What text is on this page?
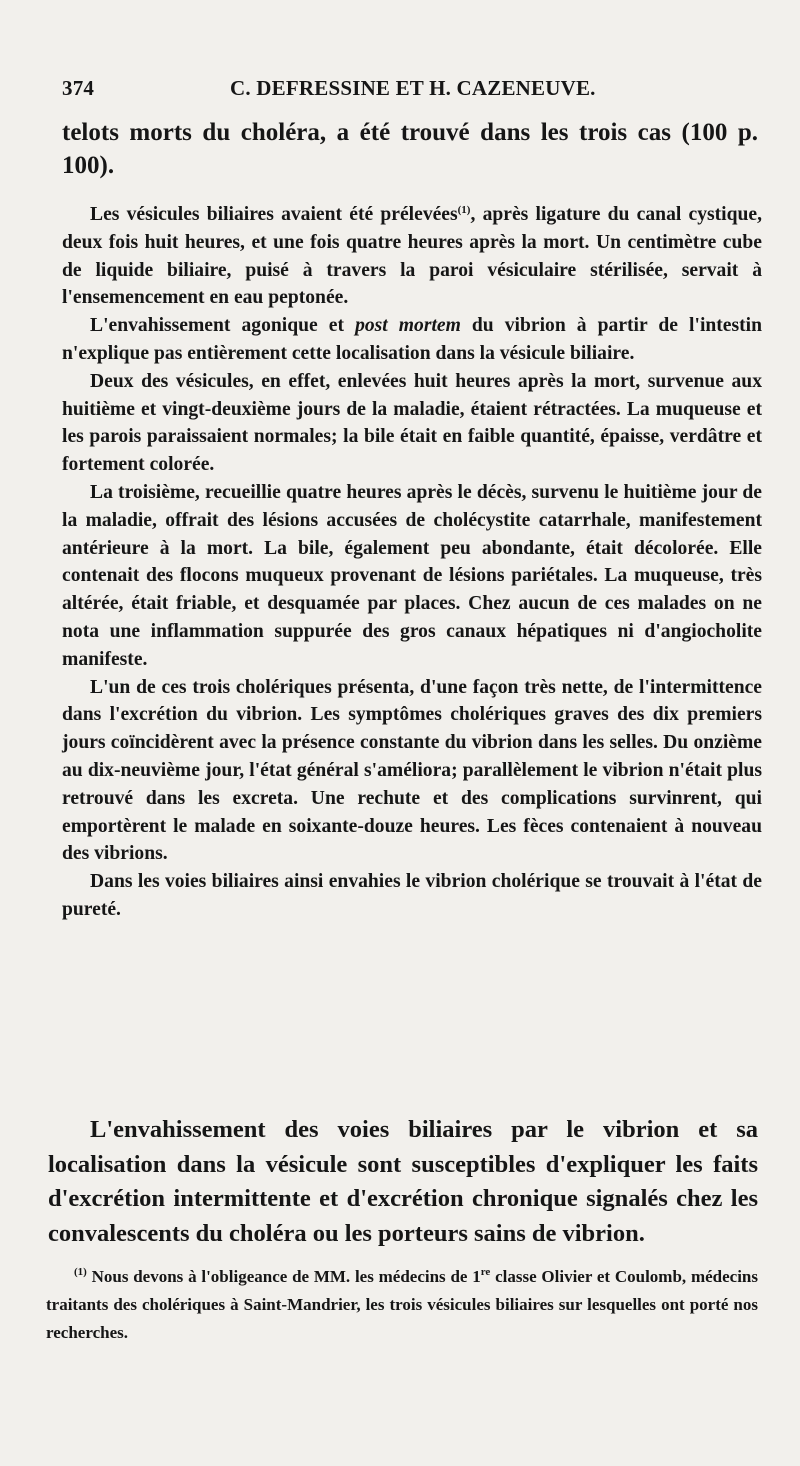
374	C. DEFRESSINE ET H. CAZENEUVE.
telots morts du choléra, a été trouvé dans les trois cas (100 p. 100).

Les vésicules biliaires avaient été prélevées$^{(1)}$, après ligature du canal cystique, deux fois huit heures, et une fois quatre heures après la mort. Un centimètre cube de liquide biliaire, puisé à travers la paroi vésiculaire stérilisée, servait à l'ensemencement en eau peptonée.

L'envahissement agonique et post mortem du vibrion à partir de l'intestin n'explique pas entièrement cette localisation dans la vésicule biliaire.

Deux des vésicules, en effet, enlevées huit heures après la mort, survenue aux huitième et vingt-deuxième jours de la maladie, étaient rétractées. La muqueuse et les parois paraissaient normales; la bile était en faible quantité, épaisse, verdâtre et fortement colorée.

La troisième, recueillie quatre heures après le décès, survenu le huitième jour de la maladie, offrait des lésions accusées de cholécystite catarrhale, manifestement antérieure à la mort. La bile, également peu abondante, était décolorée. Elle contenait des flocons muqueux provenant de lésions pariétales. La muqueuse, très altérée, était friable, et desquamée par places. Chez aucun de ces malades on ne nota une inflammation suppurée des gros canaux hépatiques ni d'angiocholite manifeste.

L'un de ces trois cholériques présenta, d'une façon très nette, de l'intermittence dans l'excrétion du vibrion. Les symptômes cholériques graves des dix premiers jours coïncidèrent avec la présence constante du vibrion dans les selles. Du onzième au dix-neuvième jour, l'état général s'améliora; parallèlement le vibrion n'était plus retrouvé dans les excreta. Une rechute et des complications survinrent, qui emportèrent le malade en soixante-douze heures. Les fèces contenaient à nouveau des vibrions.

Dans les voies biliaires ainsi envahies le vibrion cholérique se trouvait à l'état de pureté.

L'envahissement des voies biliaires par le vibrion et sa localisation dans la vésicule sont susceptibles d'expliquer les faits d'excrétion intermittente et d'excrétion chronique signalés chez les convalescents du choléra ou les porteurs sains de vibrion.

$^{(1)}$ Nous devons à l'obligeance de MM. les médecins de 1re classe Olivier et Coulomb, médecins traitants des cholériques à Saint-Mandrier, les trois vésicules biliaires sur lesquelles ont porté nos recherches.
